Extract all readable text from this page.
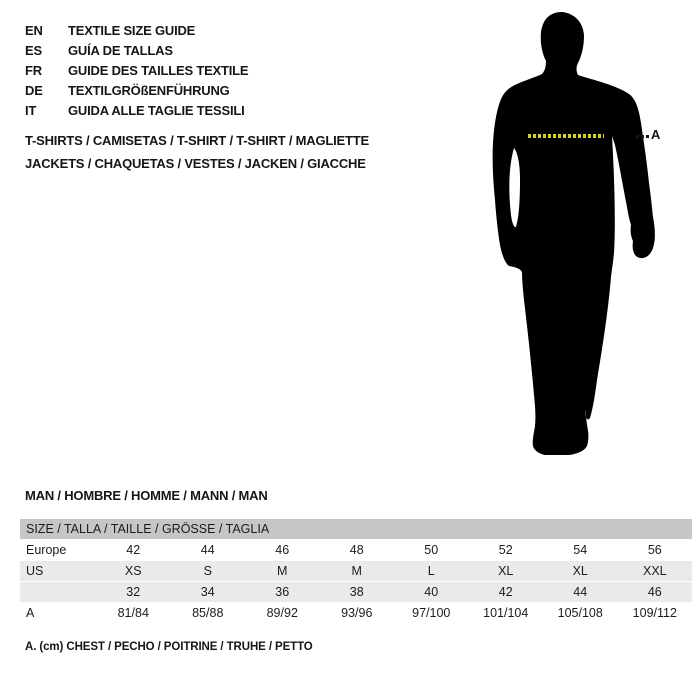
EN TEXTILE SIZE GUIDE
ES GUÍA DE TALLAS
FR GUIDE DES TAILLES TEXTILE
DE TEXTILGRÖßENFÜHRUNG
IT GUIDA ALLE TAGLIE TESSILI
T-SHIRTS / CAMISETAS / T-SHIRT / T-SHIRT / MAGLIETTE
JACKETS / CHAQUETAS / VESTES / JACKEN / GIACCHE
A
MAN / HOMBRE / HOMME / MANN / MAN
SIZE / TALLA / TAILLE / GRÖSSE / TAGLIA								
Europe	42	44	46	48	50	52	54	56
US	XS	S	M	M	L	XL	XL	XXL
	32	34	36	38	40	42	44	46
A	81/84	85/88	89/92	93/96	97/100	101/104	105/108	109/112
A. (cm) CHEST / PECHO / POITRINE / TRUHE / PETTO
